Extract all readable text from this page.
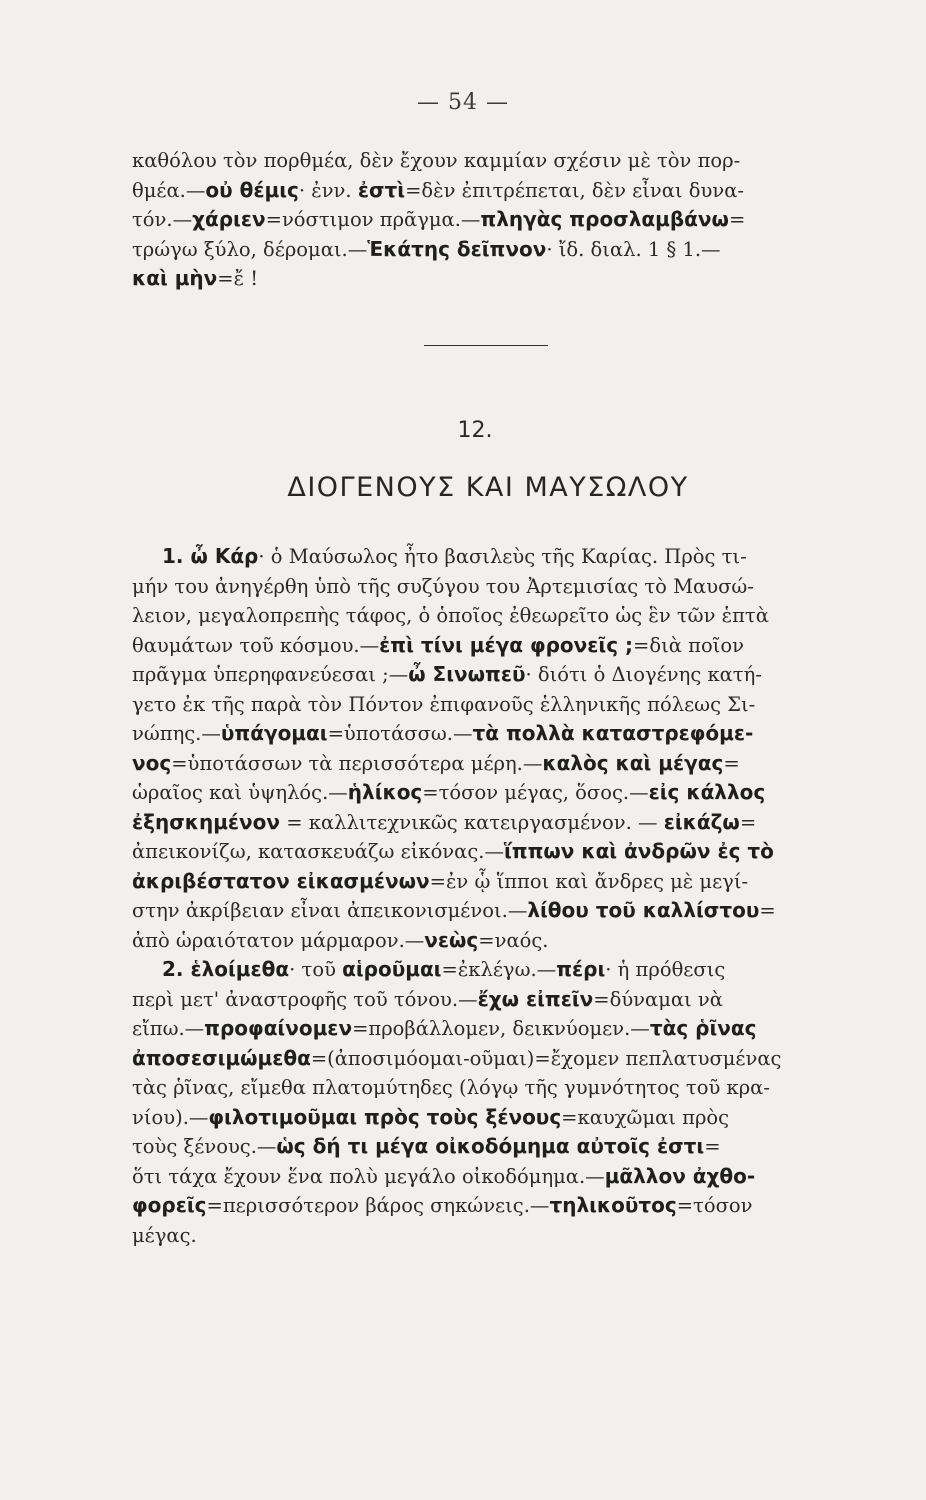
— 54 —
καθόλου τὸν πορθμέα, δὲν ἔχουν καμμίαν σχέσιν μὲ τὸν πορ-
θμέα.—οὐ θέμις· ἐνν. ἐστὶ=δὲν ἐπιτρέπεται, δὲν εἶναι δυνα-
τόν.—χάριεν=νόστιμον πρᾶγμα.—πληγὰς προσλαμβάνω=
τρώγω ξύλο, δέρομαι.—Ἑκάτης δεῖπνον· ἴδ. διαλ. 1 § 1.—
καὶ μὴν=ἔ !
12.
ΔΙΟΓΕΝΟΥΣ ΚΑΙ ΜΑΥΣΩΛΟΥ
1. ὦ Κάρ· ὁ Μαύσωλος ἦτο βασιλεὺς τῆς Καρίας. Πρὸς τι-
μήν του ἀνηγέρθη ὑπὸ τῆς συζύγου του Ἀρτεμισίας τὸ Μαυσώ-
λειον, μεγαλοπρεπὴς τάφος, ὁ ὁποῖος ἐθεωρεῖτο ὡς ἓν τῶν ἑπτὰ
θαυμάτων τοῦ κόσμου.—ἐπὶ τίνι μέγα φρονεῖς ;=διὰ ποῖον
πρᾶγμα ὑπερηφανεύεσαι ;—ὦ Σινωπεῦ· διότι ὁ Διογένης κατή-
γετο ἐκ τῆς παρὰ τὸν Πόντον ἐπιφανοῦς ἑλληνικῆς πόλεως Σι-
νώπης.—ὑπάγομαι=ὑποτάσσω.—τὰ πολλὰ καταστρεφόμε-
νος=ὑποτάσσων τὰ περισσότερα μέρη.—καλὸς καὶ μέγας=
ὡραῖος καὶ ὑψηλός.—ἡλίκος=τόσον μέγας, ὅσος.—εἰς κάλλος
ἐξησκημένον = καλλιτεχνικῶς κατειργασμένον. — εἰκάζω=
ἀπεικονίζω, κατασκευάζω εἰκόνας.—ἵππων καὶ ἀνδρῶν ἐς τὸ
ἀκριβέστατον εἰκασμένων=ἐν ᾧ ἵπποι καὶ ἄνδρες μὲ μεγί-
στην ἀκρίβειαν εἶναι ἀπεικονισμένοι.—λίθου τοῦ καλλίστου=
ἀπὸ ὡραιότατον μάρμαρον.—νεὼς=ναός.
2. ἑλοίμεθα· τοῦ αἱροῦμαι=ἐκλέγω.—πέρι· ἡ πρόθεσις
περὶ μετ' ἀναστροφῆς τοῦ τόνου.—ἔχω εἰπεῖν=δύναμαι νὰ
εἴπω.—προφαίνομεν=προβάλλομεν, δεικνύομεν.—τὰς ῥῖνας
ἀποσεσιμώμεθα=(ἀποσιμόομαι-οῦμαι)=ἔχομεν πεπλατυσμένας
τὰς ῥῖνας, εἴμεθα πλατομύτηδες (λόγῳ τῆς γυμνότητος τοῦ κρα-
νίου).—φιλοτιμοῦμαι πρὸς τοὺς ξένους=καυχῶμαι πρὸς
τοὺς ξένους.—ὡς δή τι μέγα οἰκοδόμημα αὐτοῖς ἐστι=
ὅτι τάχα ἔχουν ἕνα πολὺ μεγάλο οἰκοδόμημα.—μᾶλλον ἀχθο-
φορεῖς=περισσότερον βάρος σηκώνεις.—τηλικοῦτος=τόσον
μέγας.
